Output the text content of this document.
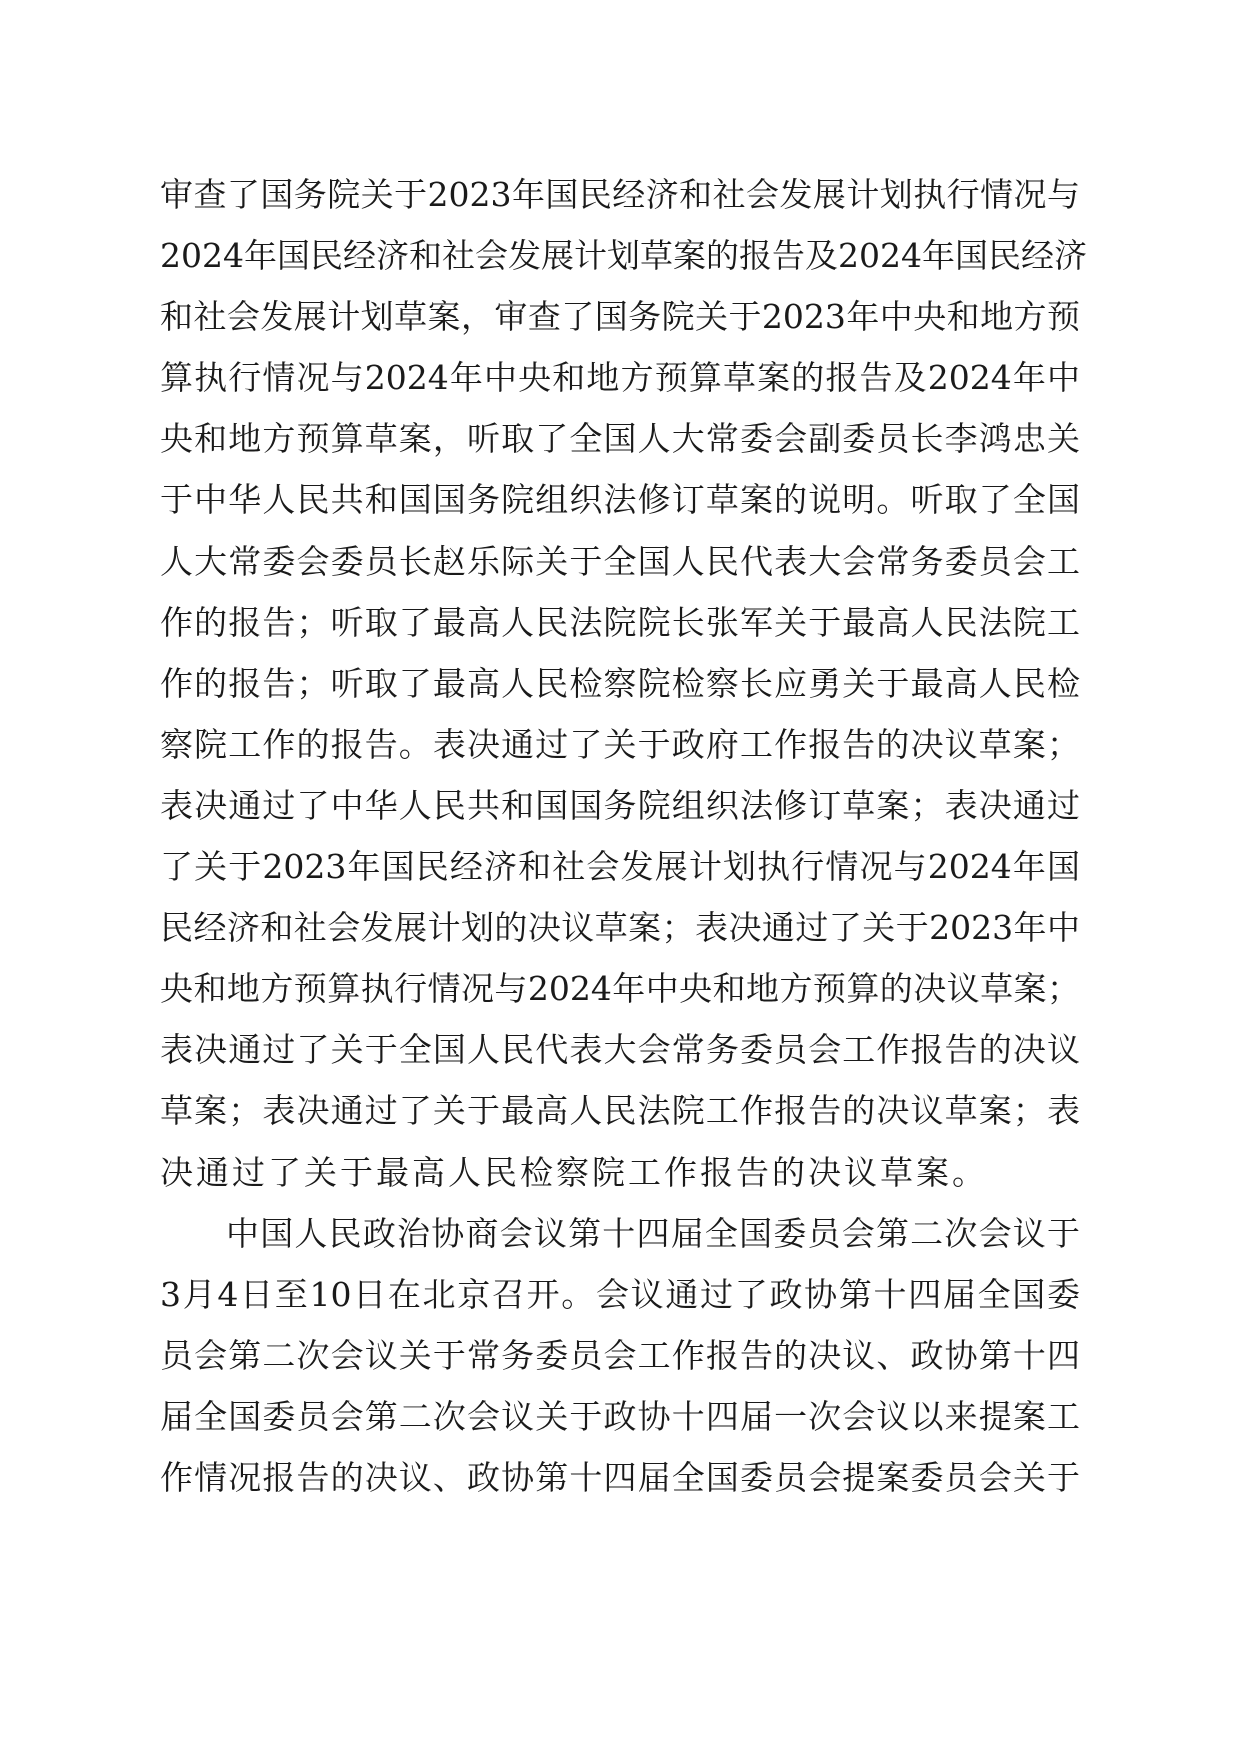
审查了国务院关于2023年国民经济和社会发展计划执行情况与
2024年国民经济和社会发展计划草案的报告及2024年国民经济
和社会发展计划草案，审查了国务院关于2023年中央和地方预
算执行情况与2024年中央和地方预算草案的报告及2024年中
央和地方预算草案，听取了全国人大常委会副委员长李鸿忠关
于中华人民共和国国务院组织法修订草案的说明。听取了全国
人大常委会委员长赵乐际关于全国人民代表大会常务委员会工
作的报告；听取了最高人民法院院长张军关于最高人民法院工
作的报告；听取了最高人民检察院检察长应勇关于最高人民检
察院工作的报告。表决通过了关于政府工作报告的决议草案；
表决通过了中华人民共和国国务院组织法修订草案；表决通过
了关于2023年国民经济和社会发展计划执行情况与2024年国
民经济和社会发展计划的决议草案；表决通过了关于2023年中
央和地方预算执行情况与2024年中央和地方预算的决议草案；
表决通过了关于全国人民代表大会常务委员会工作报告的决议
草案；表决通过了关于最高人民法院工作报告的决议草案；表
决通过了关于最高人民检察院工作报告的决议草案。
中国人民政治协商会议第十四届全国委员会第二次会议于
3月4日至10日在北京召开。会议通过了政协第十四届全国委
员会第二次会议关于常务委员会工作报告的决议、政协第十四
届全国委员会第二次会议关于政协十四届一次会议以来提案工
作情况报告的决议、政协第十四届全国委员会提案委员会关于
